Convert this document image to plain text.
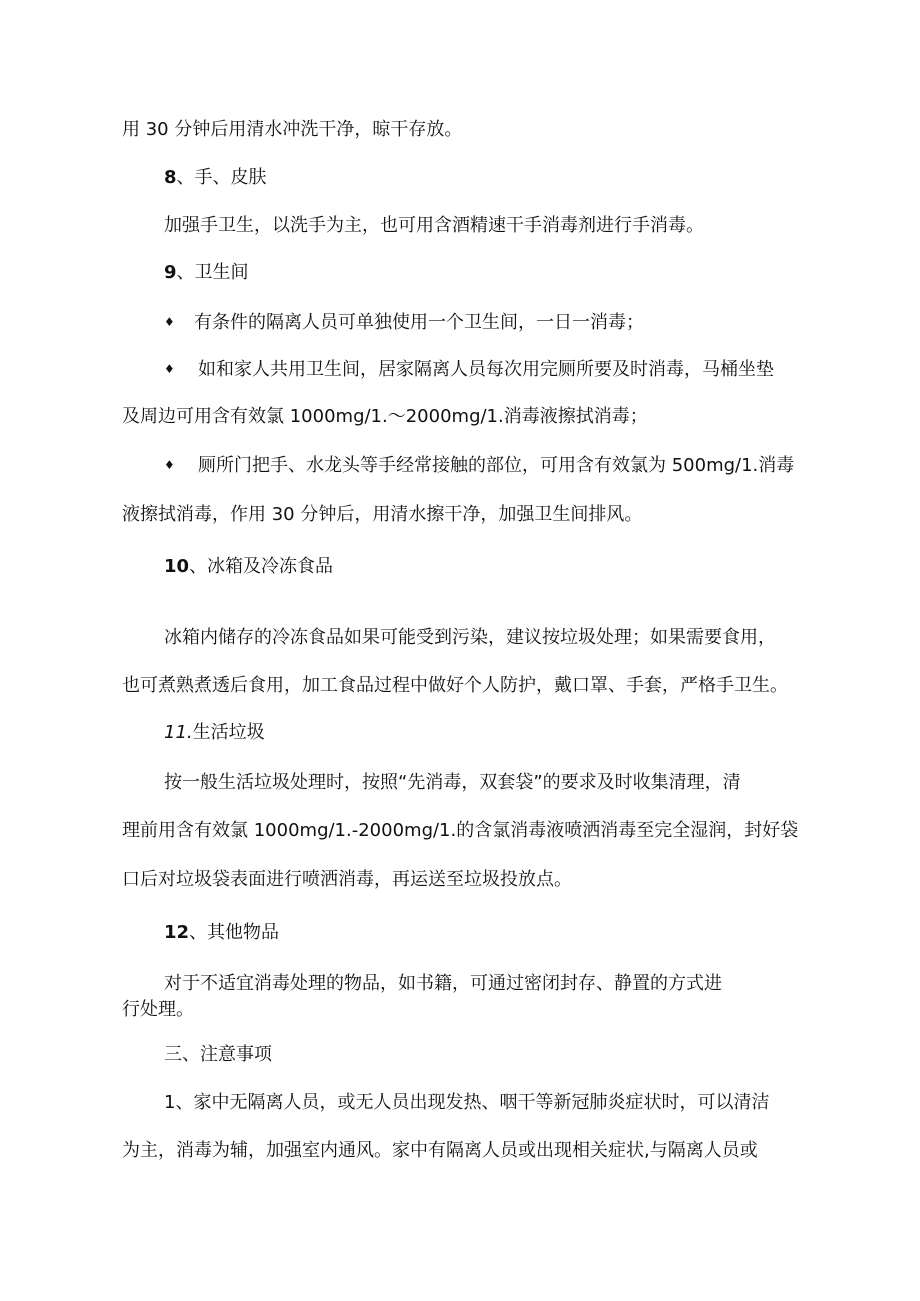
用 30 分钟后用清水冲洗干净，晾干存放。
8、手、皮肤
加强手卫生，以洗手为主，也可用含酒精速干手消毒剂进行手消毒。
9、卫生间
♦ 有条件的隔离人员可单独使用一个卫生间，一日一消毒；
♦ 如和家人共用卫生间，居家隔离人员每次用完厕所要及时消毒，马桶坐垫
及周边可用含有效氯 1000mg∕1.～2000mg∕1.消毒液擦拭消毒；
♦ 厕所门把手、水龙头等手经常接触的部位，可用含有效氯为 500mg∕1.消毒
液擦拭消毒，作用 30 分钟后，用清水擦干净，加强卫生间排风。
10、冰箱及冷冻食品
冰箱内储存的冷冻食品如果可能受到污染，建议按垃圾处理；如果需要食用，
也可煮熟煮透后食用，加工食品过程中做好个人防护，戴口罩、手套，严格手卫生。
11.生活垃圾
按一般生活垃圾处理时，按照“先消毒，双套袋”的要求及时收集清理，清
理前用含有效氯 1000mg∕1.-2000mg∕1.的含氯消毒液喷洒消毒至完全湿润，封好袋
口后对垃圾袋表面进行喷洒消毒，再运送至垃圾投放点。
12、其他物品
对于不适宜消毒处理的物品，如书籍，可通过密闭封存、静置的方式进
行处理。
三、注意事项
1、家中无隔离人员，或无人员出现发热、咽干等新冠肺炎症状时，可以清洁
为主，消毒为辅，加强室内通风。家中有隔离人员或出现相关症状,与隔离人员或
